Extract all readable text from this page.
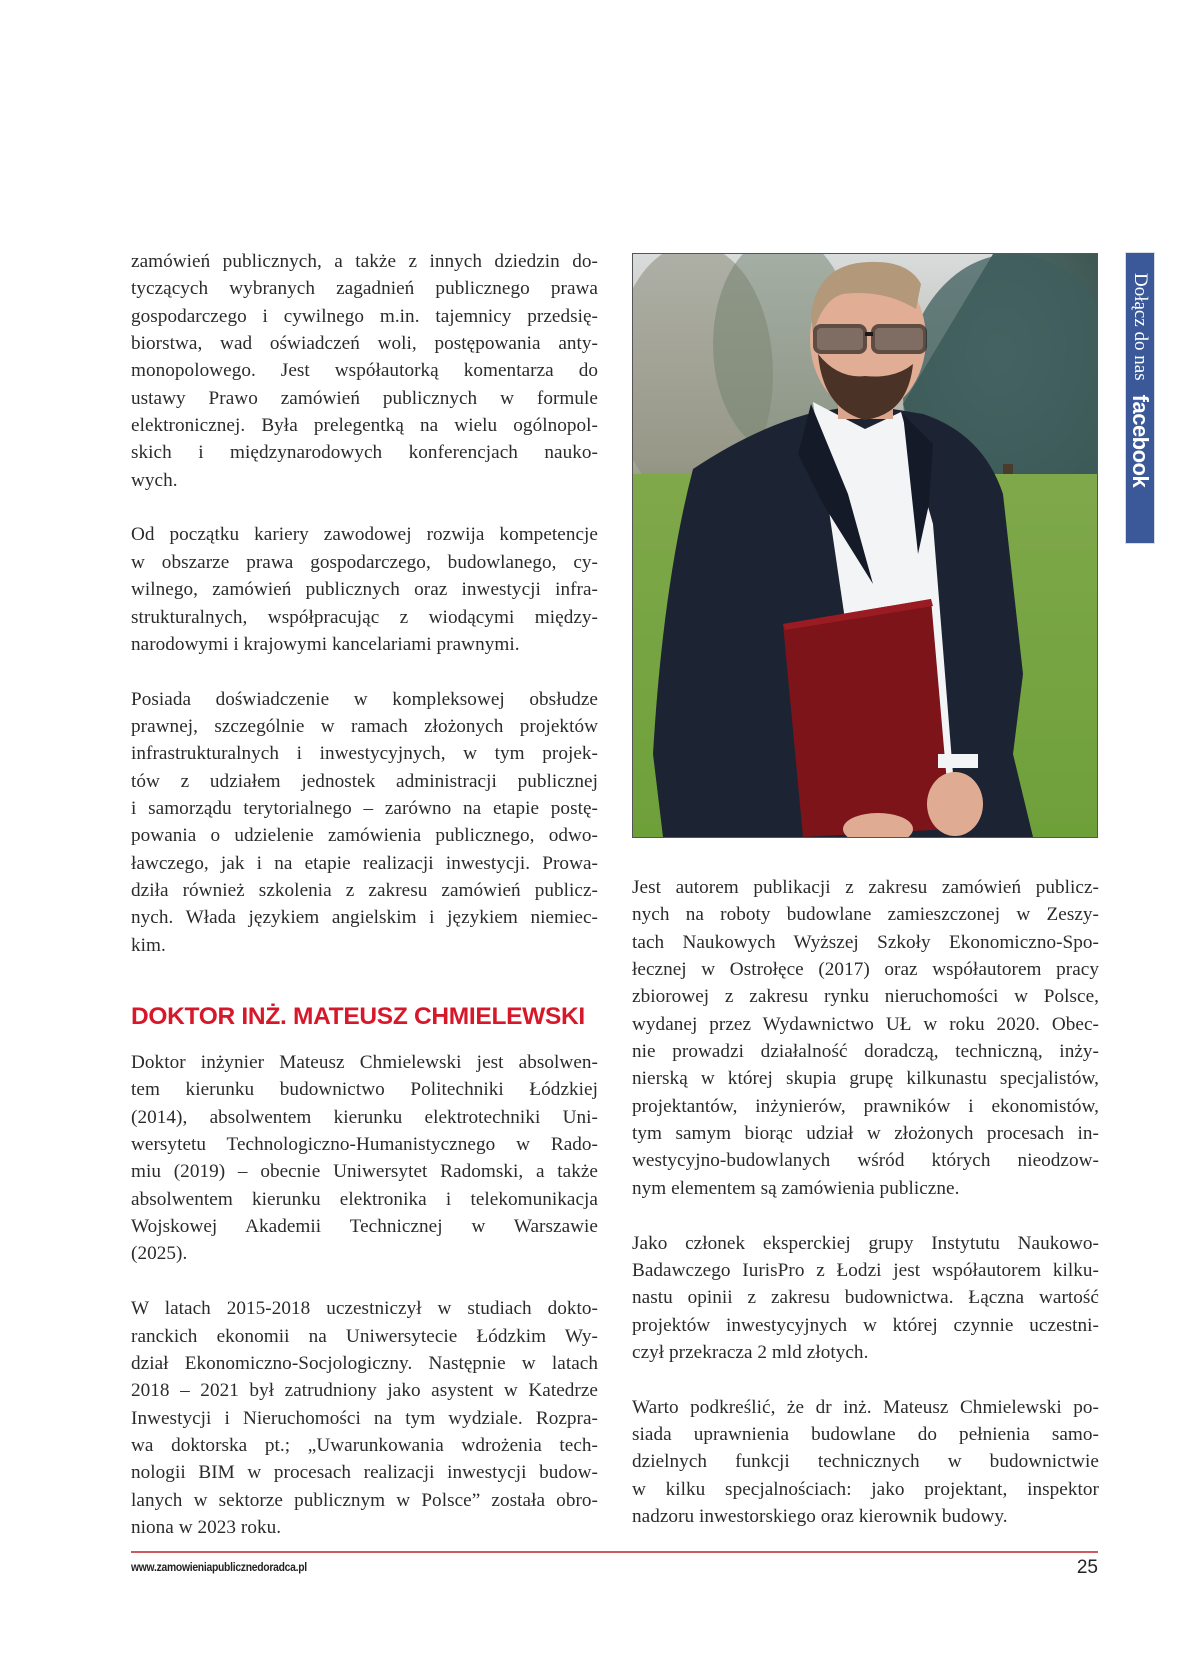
zamówień publicznych, a także z innych dziedzin do-
tyczących wybranych zagadnień publicznego prawa
gospodarczego i cywilnego m.in. tajemnicy przedsię-
biorstwa, wad oświadczeń woli, postępowania anty-
monopolowego. Jest współautorką komentarza do
ustawy Prawo zamówień publicznych w formule
elektronicznej. Była prelegentką na wielu ogólnopol-
skich i międzynarodowych konferencjach nauko-
wych.
Od początku kariery zawodowej rozwija kompetencje
w obszarze prawa gospodarczego, budowlanego, cy-
wilnego, zamówień publicznych oraz inwestycji infra-
strukturalnych, współpracując z wiodącymi między-
narodowymi i krajowymi kancelariami prawnymi.
Posiada doświadczenie w kompleksowej obsłudze
prawnej, szczególnie w ramach złożonych projektów
infrastrukturalnych i inwestycyjnych, w tym projek-
tów z udziałem jednostek administracji publicznej
i samorządu terytorialnego – zarówno na etapie postę-
powania o udzielenie zamówienia publicznego, odwo-
ławczego, jak i na etapie realizacji inwestycji. Prowa-
dziła również szkolenia z zakresu zamówień publicz-
nych. Włada językiem angielskim i językiem niemiec-
kim.
DOKTOR INŻ. MATEUSZ CHMIELEWSKI
Doktor inżynier Mateusz Chmielewski jest absolwen-
tem kierunku budownictwo Politechniki Łódzkiej
(2014), absolwentem kierunku elektrotechniki Uni-
wersytetu Technologiczno-Humanistycznego w Rado-
miu (2019) – obecnie Uniwersytet Radomski, a także
absolwentem kierunku elektronika i telekomunikacja
Wojskowej Akademii Technicznej w Warszawie
(2025).
W latach 2015-2018 uczestniczył w studiach dokto-
ranckich ekonomii na Uniwersytecie Łódzkim Wy-
dział Ekonomiczno-Socjologiczny. Następnie w latach
2018 – 2021 był zatrudniony jako asystent w Katedrze
Inwestycji i Nieruchomości na tym wydziale. Rozpra-
wa doktorska pt.; „Uwarunkowania wdrożenia tech-
nologii BIM w procesach realizacji inwestycji budow-
lanych w sektorze publicznym w Polsce” została obro-
niona w 2023 roku.
Jest autorem publikacji z zakresu zamówień publicz-
nych na roboty budowlane zamieszczonej w Zeszy-
tach Naukowych Wyższej Szkoły Ekonomiczno-Spo-
łecznej w Ostrołęce (2017) oraz współautorem pracy
zbiorowej z zakresu rynku nieruchomości w Polsce,
wydanej przez Wydawnictwo UŁ w roku 2020. Obec-
nie prowadzi działalność doradczą, techniczną, inży-
nierską w której skupia grupę kilkunastu specjalistów,
projektantów, inżynierów, prawników i ekonomistów,
tym samym biorąc udział w złożonych procesach in-
westycyjno-budowlanych wśród których nieodzow-
nym elementem są zamówienia publiczne.
Jako członek eksperckiej grupy Instytutu Naukowo-
Badawczego IurisPro z Łodzi jest współautorem kilku-
nastu opinii z zakresu budownictwa. Łączna wartość
projektów inwestycyjnych w której czynnie uczestni-
czył przekracza 2 mld złotych.
Warto podkreślić, że dr inż. Mateusz Chmielewski po-
siada uprawnienia budowlane do pełnienia samo-
dzielnych funkcji technicznych w budownictwie
w kilku specjalnościach: jako projektant, inspektor
nadzoru inwestorskiego oraz kierownik budowy.
Dołącz do nas
facebook
www.zamowieniapublicznedoradca.pl	25
